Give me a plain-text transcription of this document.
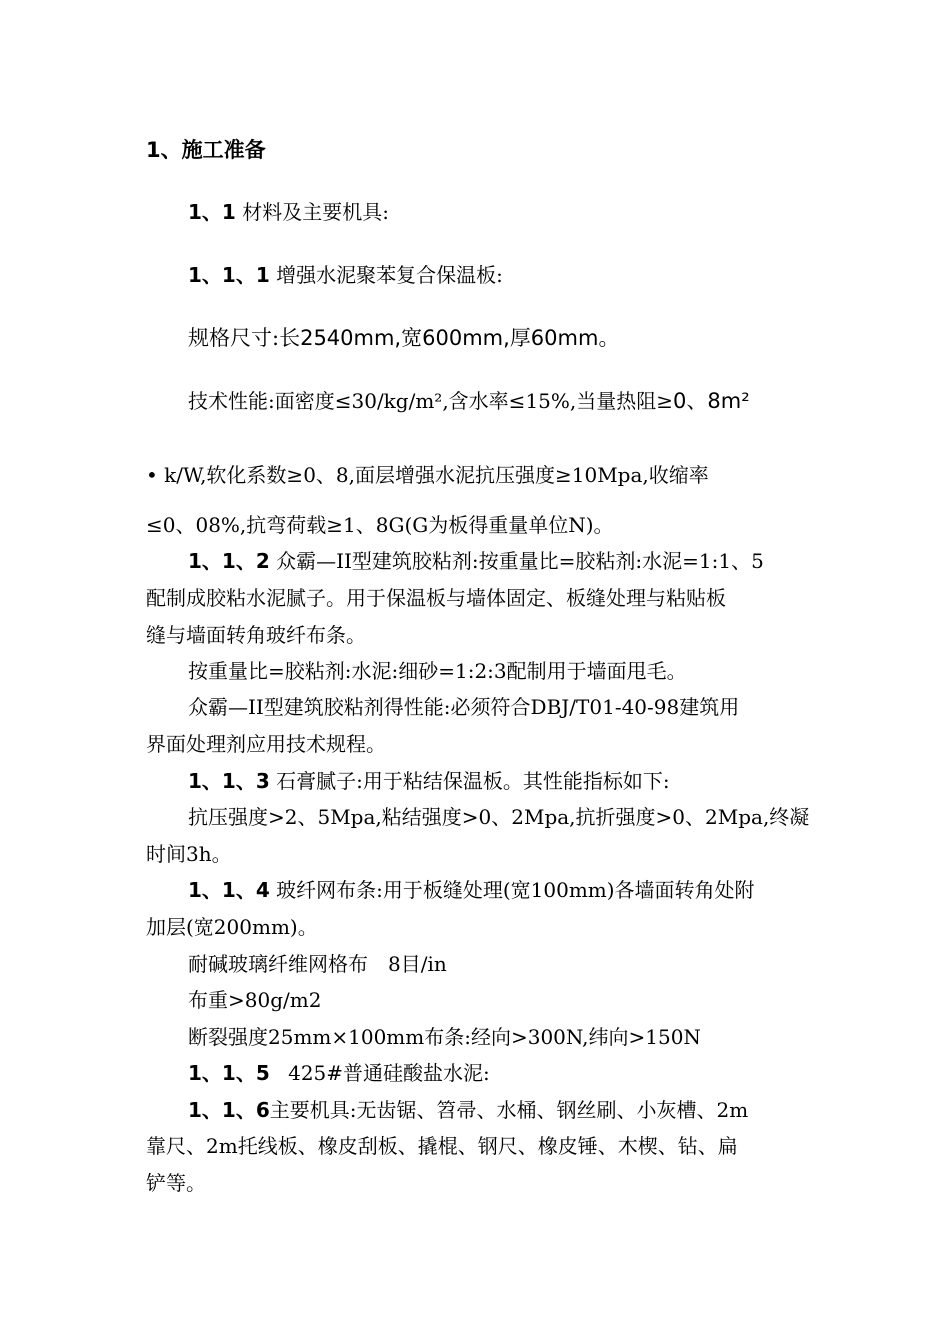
1、施工准备
1、1 材料及主要机具:
1、1、1 增强水泥聚苯复合保温板:
规格尺寸:长2540mm,宽600mm,厚60mm。
技术性能:面密度≤30/kg/m²,含水率≤15%,当量热阻≥0、8m²
• k/W,软化系数≥0、8,面层增强水泥抗压强度≥10Mpa,收缩率
≤0、08%,抗弯荷载≥1、8G(G为板得重量单位N)。
1、1、2 众霸—II型建筑胶粘剂:按重量比=胶粘剂:水泥=1:1、5
配制成胶粘水泥腻子。用于保温板与墙体固定、板缝处理与粘贴板
缝与墙面转角玻纤布条。
按重量比=胶粘剂:水泥:细砂=1:2:3配制用于墙面甩毛。
众霸—II型建筑胶粘剂得性能:必须符合DBJ/T01-40-98建筑用
界面处理剂应用技术规程。
1、1、3 石膏腻子:用于粘结保温板。其性能指标如下:
抗压强度>2、5Mpa,粘结强度>0、2Mpa,抗折强度>0、2Mpa,终凝
时间3h。
1、1、4 玻纤网布条:用于板缝处理(宽100mm)各墙面转角处附
加层(宽200mm)。
耐碱玻璃纤维网格布　8目/in
布重>80g/m2
断裂强度25mm×100mm布条:经向>300N,纬向>150N
1、1、5 425#普通硅酸盐水泥:
1、1、6主要机具:无齿锯、笤帚、水桶、钢丝刷、小灰槽、2m
靠尺、2m托线板、橡皮刮板、撬棍、钢尺、橡皮锤、木楔、钻、扁
铲等。
